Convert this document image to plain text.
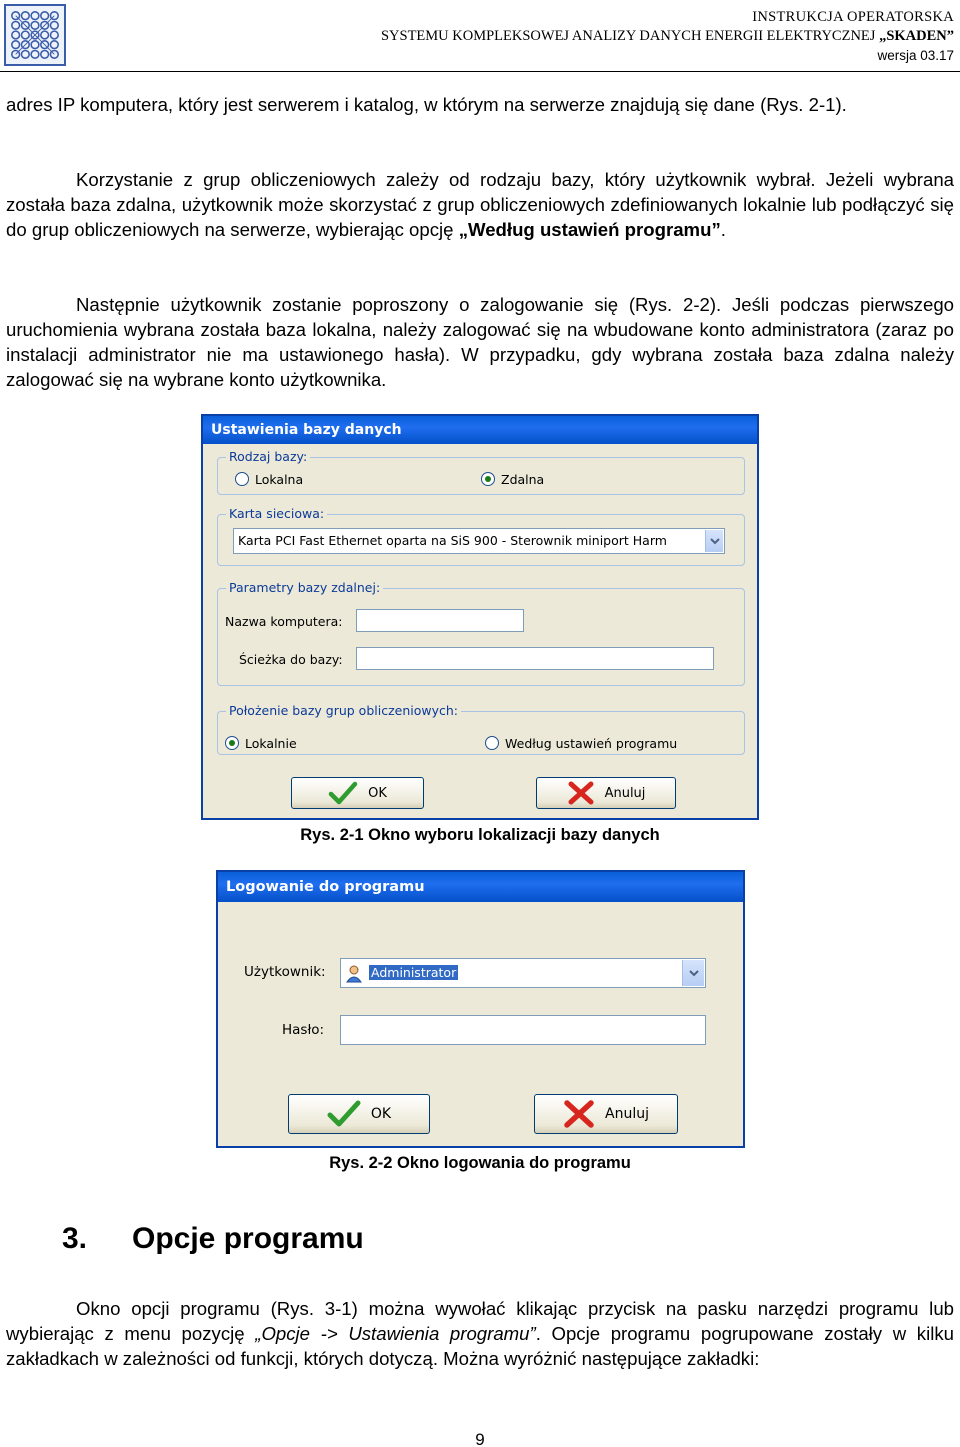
INSTRUKCJA OPERATORSKA
SYSTEMU KOMPLEKSOWEJ ANALIZY DANYCH ENERGII ELEKTRYCZNEJ „SKADEN”
wersja 03.17

adres IP komputera, który jest serwerem i katalog, w którym na serwerze znajdują się dane (Rys. 2-1).

Korzystanie z grup obliczeniowych zależy od rodzaju bazy, który użytkownik wybrał. Jeżeli wybrana została baza zdalna, użytkownik może skorzystać z grup obliczeniowych zdefiniowanych lokalnie lub podłączyć się do grup obliczeniowych na serwerze, wybierając opcję „Według ustawień programu”.

Następnie użytkownik zostanie poproszony o zalogowanie się (Rys. 2-2). Jeśli podczas pierwszego uruchomienia wybrana została baza lokalna, należy zalogować się na wbudowane konto administratora (zaraz po instalacji administrator nie ma ustawionego hasła). W przypadku, gdy wybrana została baza zdalna należy zalogować się na wybrane konto użytkownika.

Ustawienia bazy danych
Rodzaj bazy:
Lokalna	Zdalna
Karta sieciowa:
Karta PCI Fast Ethernet oparta na SiS 900 - Sterownik miniport Harm
Parametry bazy zdalnej:
Nazwa komputera:
Ścieżka do bazy:
Położenie bazy grup obliczeniowych:
Lokalnie	Według ustawień programu
OK	Anuluj
Rys. 2-1 Okno wyboru lokalizacji bazy danych
Logowanie do programu
Użytkownik:	Administrator
Hasło:
OK	Anuluj
Rys. 2-2 Okno logowania do programu
3. Opcje programu

Okno opcji programu (Rys. 3-1) można wywołać klikając przycisk na pasku narzędzi programu lub wybierając z menu pozycję „Opcje -> Ustawienia programu”. Opcje programu pogrupowane zostały w kilku zakładkach w zależności od funkcji, których dotyczą. Można wyróżnić następujące zakładki:

9
